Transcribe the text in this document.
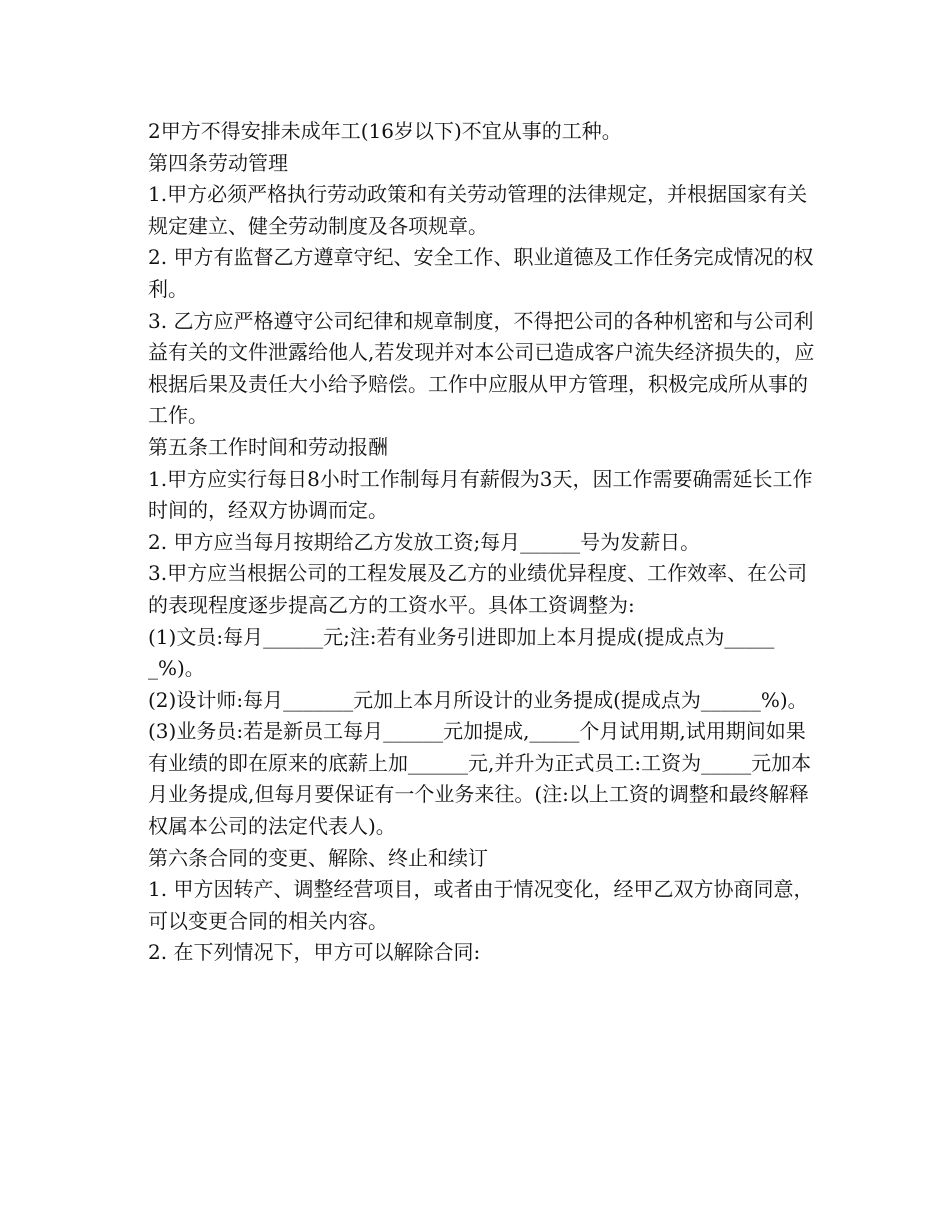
2甲方不得安排未成年工(16岁以下)不宜从事的工种。

第四条劳动管理

1.甲方必须严格执行劳动政策和有关劳动管理的法律规定，并根据国家有关规定建立、健全劳动制度及各项规章。

2. 甲方有监督乙方遵章守纪、安全工作、职业道德及工作任务完成情况的权利。

3. 乙方应严格遵守公司纪律和规章制度，不得把公司的各种机密和与公司利益有关的文件泄露给他人,若发现并对本公司已造成客户流失经济损失的，应根据后果及责任大小给予赔偿。工作中应服从甲方管理，积极完成所从事的工作。

第五条工作时间和劳动报酬

1.甲方应实行每日8小时工作制每月有薪假为3天，因工作需要确需延长工作时间的，经双方协调而定。

2. 甲方应当每月按期给乙方发放工资;每月______号为发薪日。

3.甲方应当根据公司的工程发展及乙方的业绩优异程度、工作效率、在公司的表现程度逐步提高乙方的工资水平。具体工资调整为:

(1)文员:每月______元;注:若有业务引进即加上本月提成(提成点为______%)。

(2)设计师:每月_______元加上本月所设计的业务提成(提成点为______%)。

(3)业务员:若是新员工每月______元加提成,_____个月试用期,试用期间如果有业绩的即在原来的底薪上加______元,并升为正式员工:工资为_____元加本月业务提成,但每月要保证有一个业务来往。(注:以上工资的调整和最终解释权属本公司的法定代表人)。

第六条合同的变更、解除、终止和续订

1. 甲方因转产、调整经营项目，或者由于情况变化，经甲乙双方协商同意，可以变更合同的相关内容。

2. 在下列情况下，甲方可以解除合同:
